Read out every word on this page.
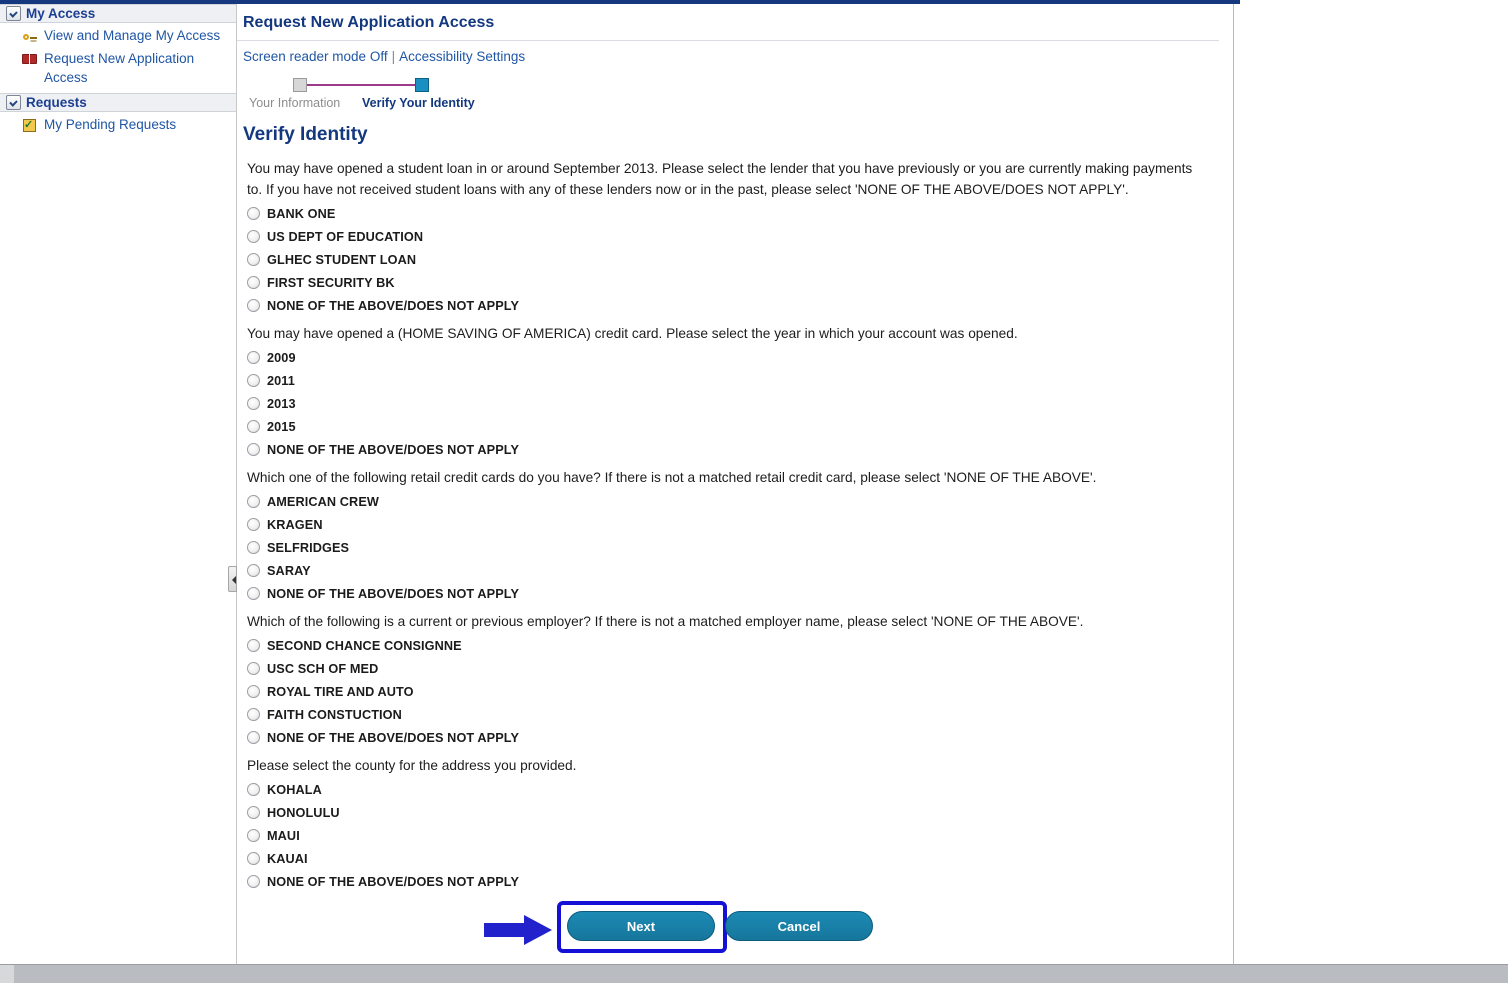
My Access
View and Manage My Access
Request New Application Access
Requests
✓
My Pending Requests
Request New Application Access
Screen reader mode Off | Accessibility Settings
Your Information Verify Your Identity
Verify Identity
You may have opened a student loan in or around September 2013. Please select the lender that you have previously or you are currently making payments to. If you have not received student loans with any of these lenders now or in the past, please select 'NONE OF THE ABOVE/DOES NOT APPLY'.
BANK ONE
US DEPT OF EDUCATION
GLHEC STUDENT LOAN
FIRST SECURITY BK
NONE OF THE ABOVE/DOES NOT APPLY
You may have opened a (HOME SAVING OF AMERICA) credit card. Please select the year in which your account was opened.
2009
2011
2013
2015
NONE OF THE ABOVE/DOES NOT APPLY
Which one of the following retail credit cards do you have? If there is not a matched retail credit card, please select 'NONE OF THE ABOVE'.
AMERICAN CREW
KRAGEN
SELFRIDGES
SARAY
NONE OF THE ABOVE/DOES NOT APPLY
Which of the following is a current or previous employer? If there is not a matched employer name, please select 'NONE OF THE ABOVE'.
SECOND CHANCE CONSIGNNE
USC SCH OF MED
ROYAL TIRE AND AUTO
FAITH CONSTUCTION
NONE OF THE ABOVE/DOES NOT APPLY
Please select the county for the address you provided.
KOHALA
HONOLULU
MAUI
KAUAI
NONE OF THE ABOVE/DOES NOT APPLY
Next	Cancel
